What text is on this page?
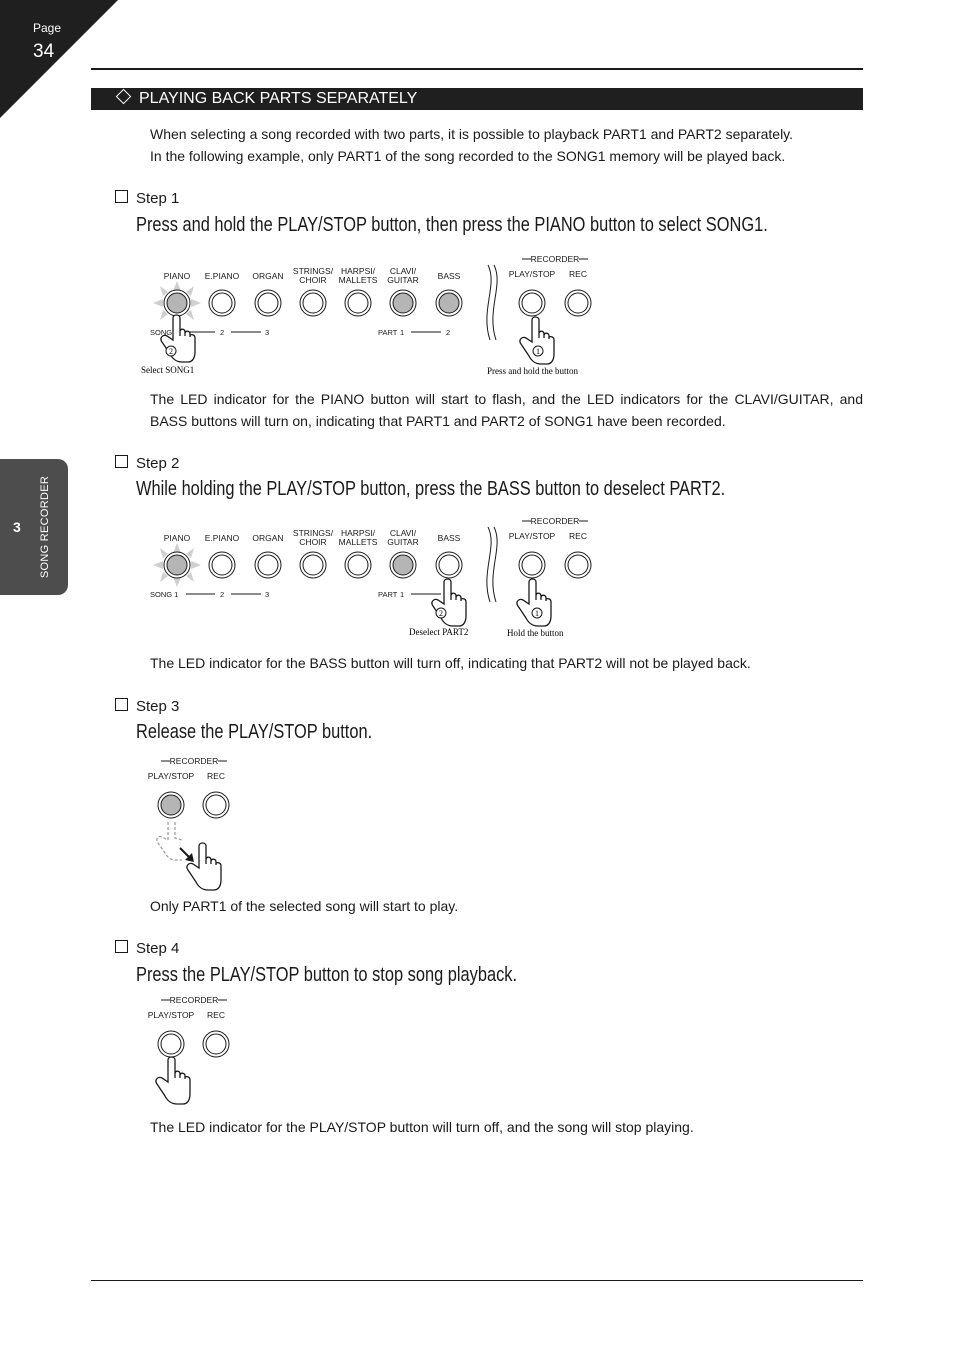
Page
34
3 SONG RECORDER
PLAYING BACK PARTS SEPARATELY
When selecting a song recorded with two parts, it is possible to playback PART1 and PART2 separately.
In the following example, only PART1 of the song recorded to the SONG1 memory will be played back.
Step 1
Press and hold the PLAY/STOP button, then press the PIANO button to select SONG1.
PIANO E.PIANO ORGAN STRINGS/
CHOIR
HARPSI/
MALLETS
CLAVI/
GUITAR BASS
RECORDER
PLAY/STOP REC
SONG	2	3	PART 1	2
2	1
Select SONG1	Press and hold the button
PIANO E.PIANO ORGAN STRINGS/
CHOIR
HARPSI/
MALLETS
CLAVI/
GUITAR BASS
RECORDER
PLAY/STOP REC
SONG 1	2	3	PART 1
2	1
Deselect PART2	Hold the button
RECORDER
PLAY/STOP REC
RECORDER
PLAY/STOP REC
The LED indicator for the PIANO button will start to flash, and the LED indicators for the CLAVI/GUITAR, and BASS buttons will turn on, indicating that PART1 and PART2 of SONG1 have been recorded.
Step 2
While holding the PLAY/STOP button, press the BASS button to deselect PART2.
The LED indicator for the BASS button will turn off, indicating that PART2 will not be played back.
Step 3
Release the PLAY/STOP button.
Only PART1 of the selected song will start to play.
Step 4
Press the PLAY/STOP button to stop song playback.
The LED indicator for the PLAY/STOP button will turn off, and the song will stop playing.
